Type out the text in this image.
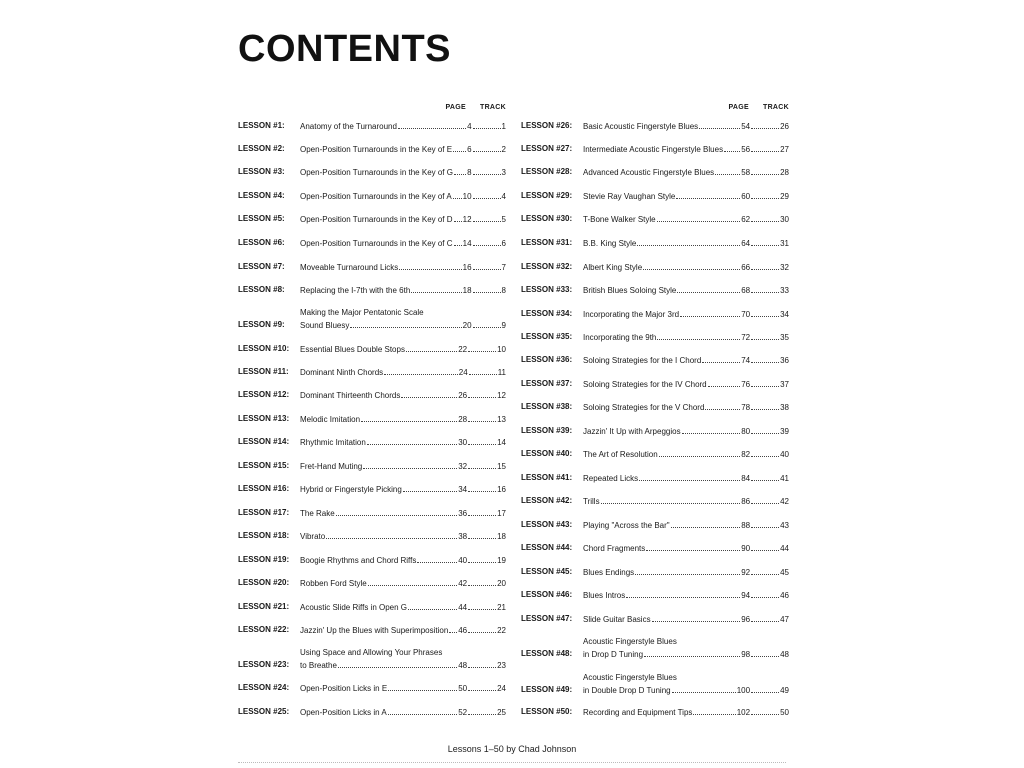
CONTENTS
PAGE TRACK
LESSON #1: Anatomy of the Turnaround	4	1
LESSON #2: Open-Position Turnarounds in the Key of E 6	2
LESSON #3: Open-Position Turnarounds in the Key of G 8	3
LESSON #4: Open-Position Turnarounds in the Key of A 10	4
LESSON #5: Open-Position Turnarounds in the Key of D 12	5
LESSON #6: Open-Position Turnarounds in the Key of C 14	6
LESSON #7: Moveable Turnaround Licks	16	7
LESSON #8: Replacing the I-7th with the 6th	18	8
LESSON #9:
Making the Major Pentatonic Scale
Sound Bluesy	20	9
LESSON #10: Essential Blues Double Stops	22	10
LESSON #11: Dominant Ninth Chords	24	11
LESSON #12: Dominant Thirteenth Chords	26	12
LESSON #13: Melodic Imitation	28	13
LESSON #14: Rhythmic Imitation	30	14
LESSON #15: Fret-Hand Muting	32	15
LESSON #16: Hybrid or Fingerstyle Picking	34	16
LESSON #17: The Rake	36	17
LESSON #18: Vibrato	38	18
LESSON #19: Boogie Rhythms and Chord Riffs	40	19
LESSON #20: Robben Ford Style	42	20
LESSON #21: Acoustic Slide Riffs in Open G	44	21
LESSON #22: Jazzin' Up the Blues with Superimposition 46	22
LESSON #23:
Using Space and Allowing Your Phrases
to Breathe	48	23
LESSON #24: Open-Position Licks in E	50	24
LESSON #25: Open-Position Licks in A	52	25
PAGE TRACK
LESSON #26: Basic Acoustic Fingerstyle Blues	54	26
LESSON #27: Intermediate Acoustic Fingerstyle Blues 56	27
LESSON #28: Advanced Acoustic Fingerstyle Blues	58	28
LESSON #29: Stevie Ray Vaughan Style	60	29
LESSON #30: T-Bone Walker Style	62	30
LESSON #31: B.B. King Style	64	31
LESSON #32: Albert King Style	66	32
LESSON #33: British Blues Soloing Style	68	33
LESSON #34: Incorporating the Major 3rd	70	34
LESSON #35: Incorporating the 9th	72	35
LESSON #36: Soloing Strategies for the I Chord	74	36
LESSON #37: Soloing Strategies for the IV Chord	76	37
LESSON #38: Soloing Strategies for the V Chord	78	38
LESSON #39: Jazzin' It Up with Arpeggios	80	39
LESSON #40: The Art of Resolution	82	40
LESSON #41: Repeated Licks	84	41
LESSON #42: Trills	86	42
LESSON #43: Playing "Across the Bar"	88	43
LESSON #44: Chord Fragments	90	44
LESSON #45: Blues Endings	92	45
LESSON #46: Blues Intros	94	46
LESSON #47: Slide Guitar Basics	96	47
LESSON #48:
Acoustic Fingerstyle Blues
in Drop D Tuning	98	48
LESSON #49:
Acoustic Fingerstyle Blues
in Double Drop D Tuning	100	49
LESSON #50: Recording and Equipment Tips	102	50
Lessons 1–50 by Chad Johnson
